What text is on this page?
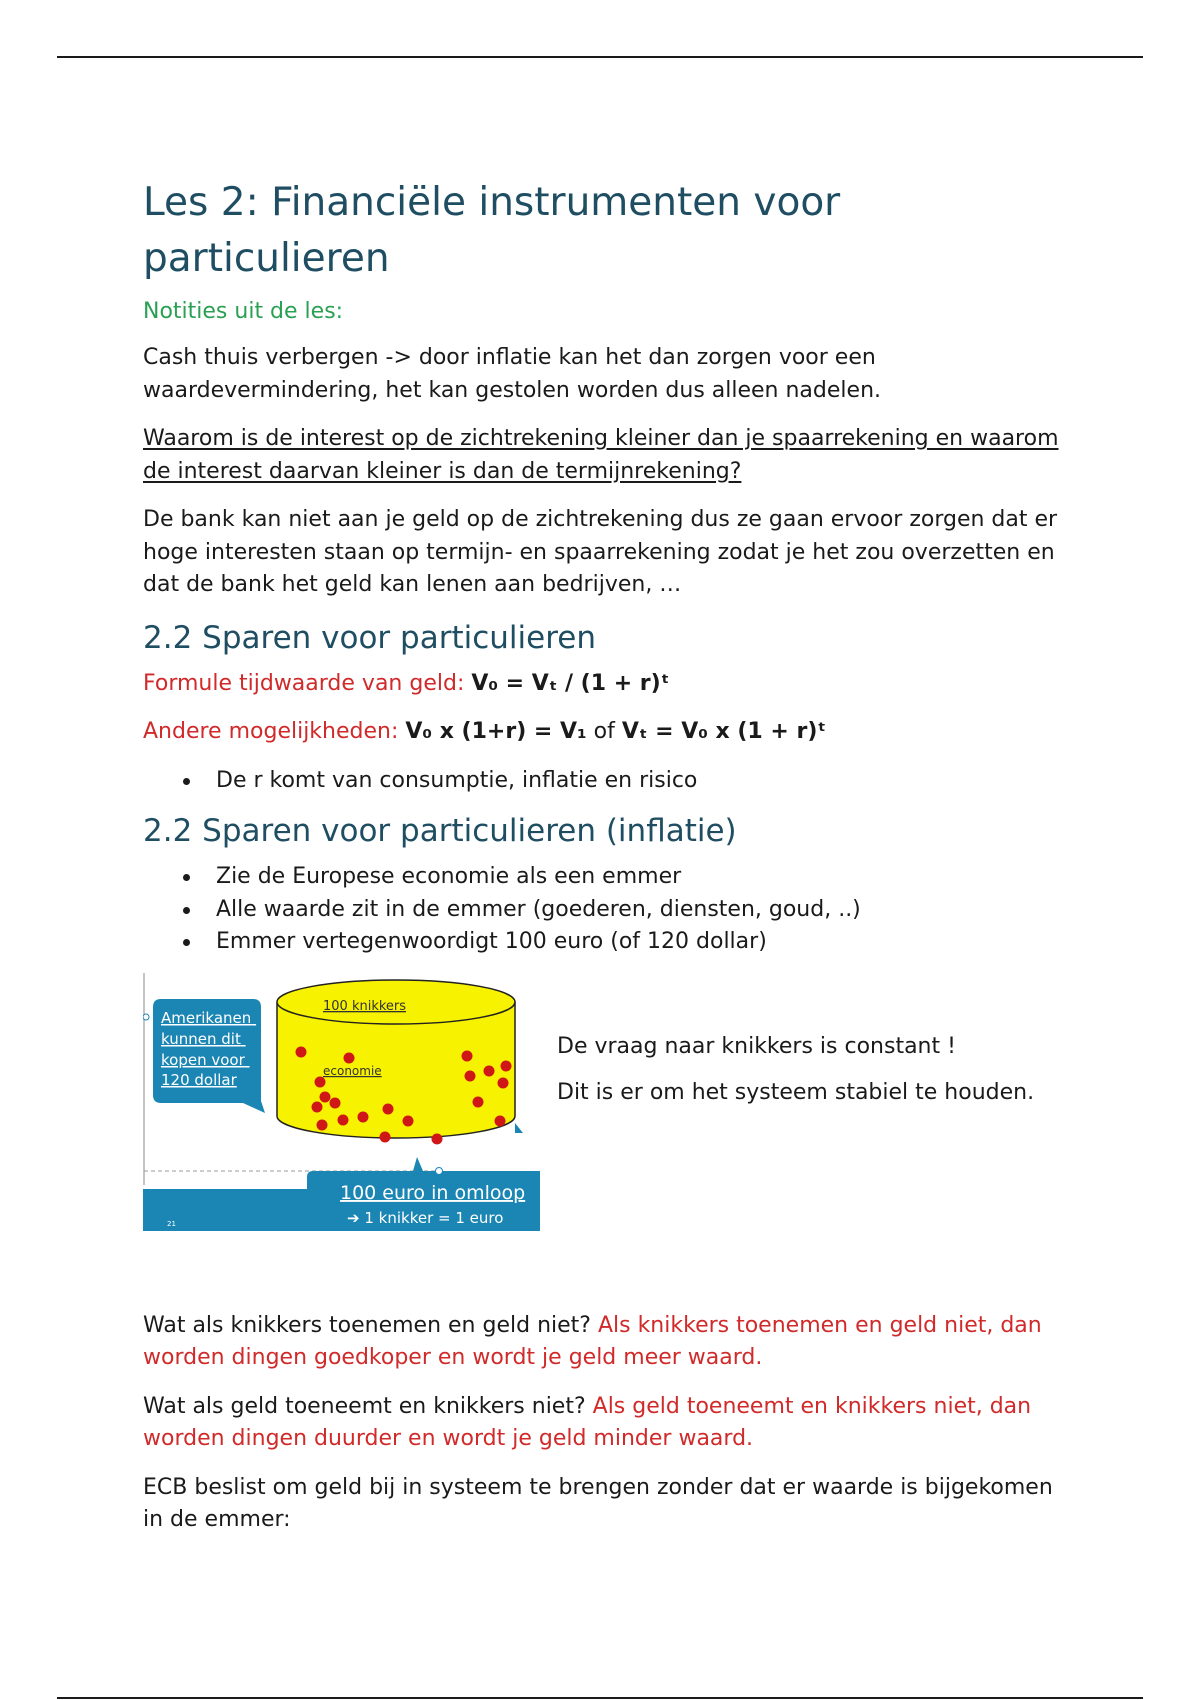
Les 2: Financiële instrumenten voor particulieren
Notities uit de les:

Cash thuis verbergen -> door inflatie kan het dan zorgen voor een waardevermindering, het kan gestolen worden dus alleen nadelen.

Waarom is de interest op de zichtrekening kleiner dan je spaarrekening en waarom de interest daarvan kleiner is dan de termijnrekening?

De bank kan niet aan je geld op de zichtrekening dus ze gaan ervoor zorgen dat er hoge interesten staan op termijn- en spaarrekening zodat je het zou overzetten en dat de bank het geld kan lenen aan bedrijven, …

2.2 Sparen voor particulieren

Formule tijdwaarde van geld: V₀ = Vₜ / (1 + r)ᵗ

Andere mogelijkheden: V₀ x (1+r) = V₁ of Vₜ = V₀ x (1 + r)ᵗ

De r komt van consumptie, inflatie en risico
2.2 Sparen voor particulieren (inflatie)
Zie de Europese economie als een emmer
Alle waarde zit in de emmer (goederen, diensten, goud, ..)
Emmer vertegenwoordigt 100 euro (of 120 dollar)
21
100 euro in omloop
➔ 1 knikker = 1 euro
Amerikanen kunnen dit kopen voor 120 dollar
100 knikkers
economie

De vraag naar knikkers is constant !

Dit is er om het systeem stabiel te houden.

Wat als knikkers toenemen en geld niet? Als knikkers toenemen en geld niet, dan worden dingen goedkoper en wordt je geld meer waard.

Wat als geld toeneemt en knikkers niet? Als geld toeneemt en knikkers niet, dan worden dingen duurder en wordt je geld minder waard.

ECB beslist om geld bij in systeem te brengen zonder dat er waarde is bijgekomen in de emmer:
